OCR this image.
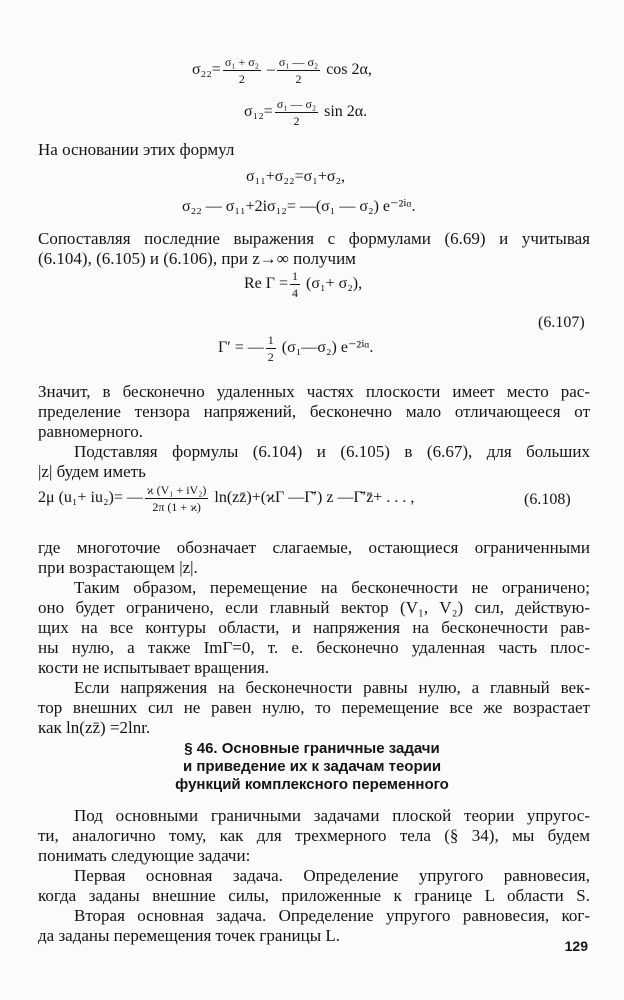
$\sigma_{22}= \frac{\text{σ₁ + σ₂}}{2} - \frac{\text{σ₁ — σ₂}}{2}$ cos 2α,
$\sigma_{12}= \frac{\text{σ₁ — σ₂}}{2}$ sin 2α.
На основании этих формул
σ₁₁+σ₂₂=σ₁+σ₂,
σ₂₂ — σ₁₁+2iσ₁₂= —(σ₁ — σ₂) e⁻²ⁱᵅ.
Сопоставляя последние выражения с формулами (6.69) и учитывая
(6.104), (6.105) и (6.106), при z→∞ получим
Re $\Gamma = \frac{1}{4} (\sigma_1+ \sigma_2)$,
(6.107)
Γ′ = — $\frac{1}{2}$ (σ₁—σ₂) e⁻²ⁱᵅ.
Значит, в бесконечно удаленных частях плоскости имеет место рас-
пределение тензора напряжений, бесконечно мало отличающееся от
равномерного.
Подставляя формулы (6.104) и (6.105) в (6.67), для больших
|z| будем иметь
2μ (u₁+ iu₂)= — $\frac{\text{ϰ (V₁ + iV₂)}}{2\pi (1 + ϰ)}$ ln(zz̄)+(ϰΓ —Γ̄′) z —Γ̄′z̄+ . . . ,	(6.108)
где многоточие обозначает слагаемые, остающиеся ограниченными
при возрастающем |z|.
Таким образом, перемещение на бесконечности не ограничено;
оно будет ограничено, если главный вектор (V₁, V₂) сил, действую-
щих на все контуры области, и напряжения на бесконечности рав-
ны нулю, а также ImΓ=0, т. е. бесконечно удаленная часть плос-
кости не испытывает вращения.
Если напряжения на бесконечности равны нулю, а главный век-
тор внешних сил не равен нулю, то перемещение все же возрастает
как ln(zz̄) =2lnr.
§ 46. Основные граничные задачи
и приведение их к задачам теории
функций комплексного переменного
Под основными граничными задачами плоской теории упругос-
ти, аналогично тому, как для трехмерного тела (§ 34), мы будем
понимать следующие задачи:
Первая основная задача. Определение упругого равновесия,
когда заданы внешние силы, приложенные к границе L области S.
Вторая основная задача. Определение упругого равновесия, ког-
да заданы перемещения точек границы L.
129
